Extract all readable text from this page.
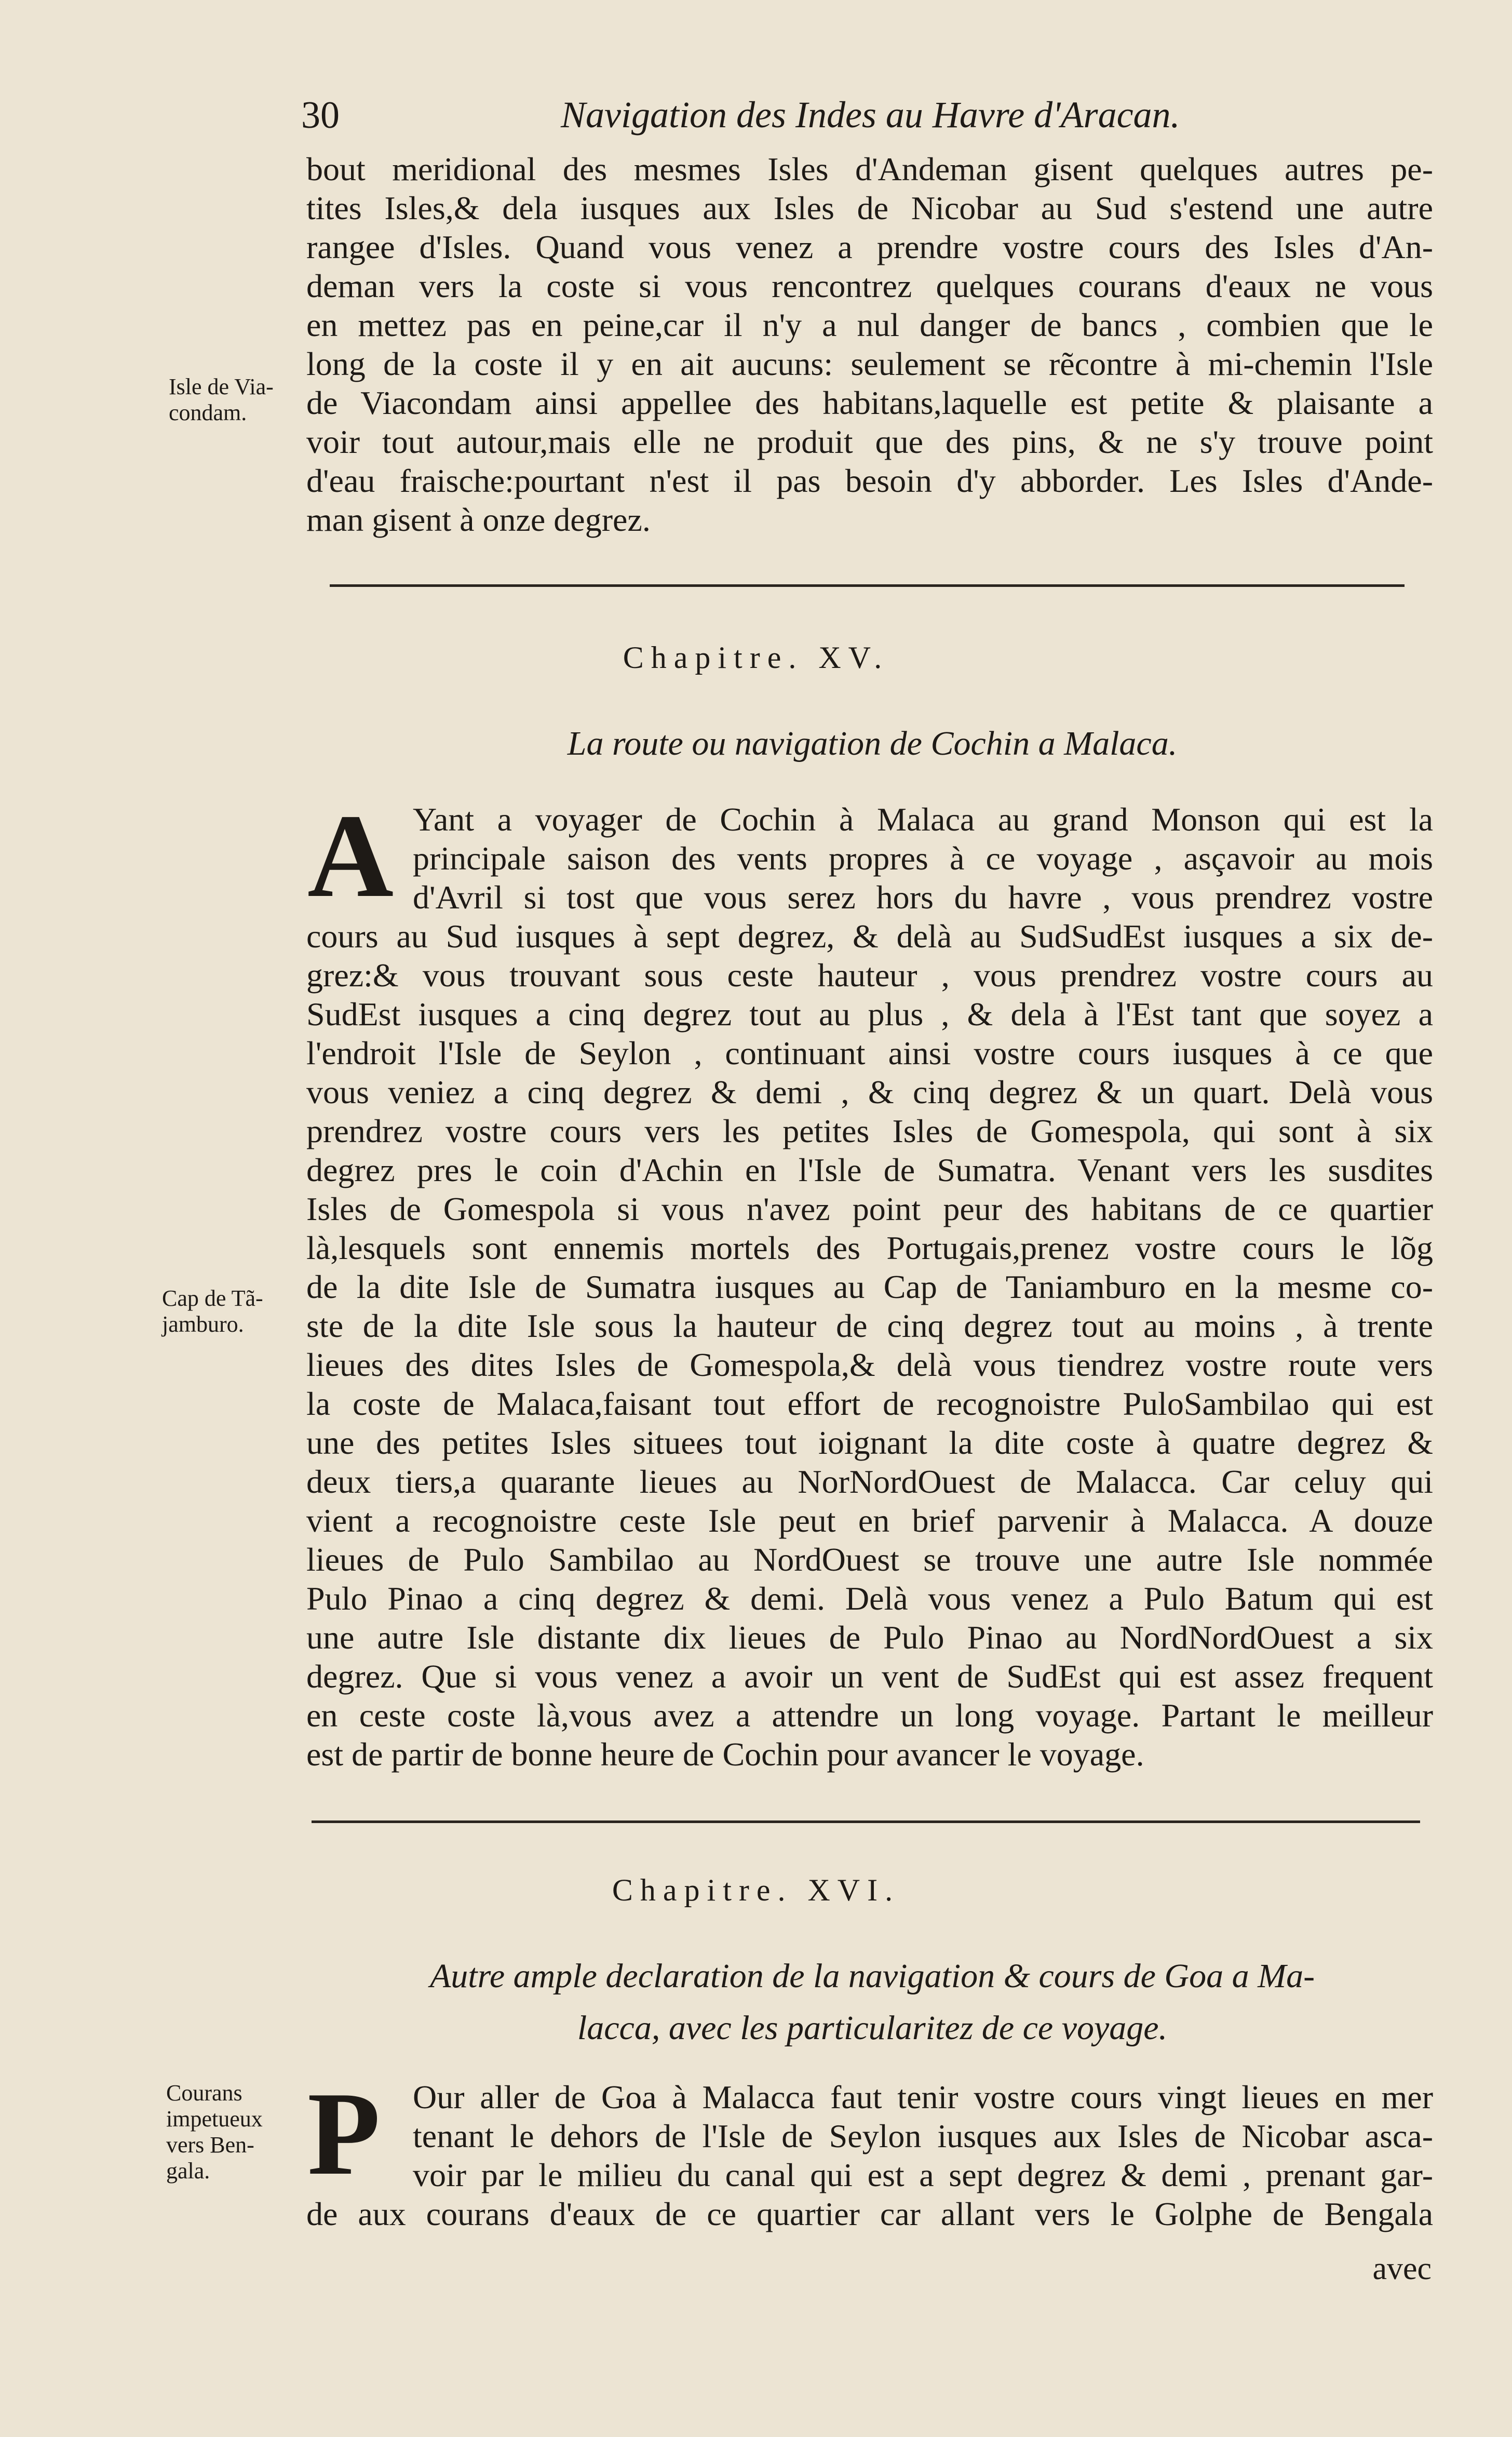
30	Navigation des Indes au Havre d'Aracan.
Isle de Via-
condam.
Cap de Tã-
jamburo.
Courans
impetueux
vers Ben-
gala.
bout meridional des mesmes Isles d'Andeman gisent quelques autres pe-
tites Isles,& dela iusques aux Isles de Nicobar au Sud s'estend une autre
rangee d'Isles. Quand vous venez a prendre vostre cours des Isles d'An-
deman vers la coste si vous rencontrez quelques courans d'eaux ne vous
en mettez pas en peine,car il n'y a nul danger de bancs , combien que le
long de la coste il y en ait aucuns: seulement se rẽcontre à mi-chemin l'Isle
de Viacondam ainsi appellee des habitans,laquelle est petite & plaisante a
voir tout autour,mais elle ne produit que des pins, & ne s'y trouve point
d'eau fraische:pourtant n'est il pas besoin d'y abborder. Les Isles d'Ande-
man gisent à onze degrez.
Chapitre. XV.
La route ou navigation de Cochin a Malaca.
A Yant a voyager de Cochin à Malaca au grand Monson qui est la
principale saison des vents propres à ce voyage , asçavoir au mois
d'Avril si tost que vous serez hors du havre , vous prendrez vostre
cours au Sud iusques à sept degrez, & delà au SudSudEst iusques a six de-
grez:& vous trouvant sous ceste hauteur , vous prendrez vostre cours au
SudEst iusques a cinq degrez tout au plus , & dela à l'Est tant que soyez a
l'endroit l'Isle de Seylon , continuant ainsi vostre cours iusques à ce que
vous veniez a cinq degrez & demi , & cinq degrez & un quart. Delà vous
prendrez vostre cours vers les petites Isles de Gomespola, qui sont à six
degrez pres le coin d'Achin en l'Isle de Sumatra. Venant vers les susdites
Isles de Gomespola si vous n'avez point peur des habitans de ce quartier
là,lesquels sont ennemis mortels des Portugais,prenez vostre cours le lõg
de la dite Isle de Sumatra iusques au Cap de Taniamburo en la mesme co-
ste de la dite Isle sous la hauteur de cinq degrez tout au moins , à trente
lieues des dites Isles de Gomespola,& delà vous tiendrez vostre route vers
la coste de Malaca,faisant tout effort de recognoistre PuloSambilao qui est
une des petites Isles situees tout ioignant la dite coste à quatre degrez &
deux tiers,a quarante lieues au NorNordOuest de Malacca. Car celuy qui
vient a recognoistre ceste Isle peut en brief parvenir à Malacca. A douze
lieues de Pulo Sambilao au NordOuest se trouve une autre Isle nommée
Pulo Pinao a cinq degrez & demi. Delà vous venez a Pulo Batum qui est
une autre Isle distante dix lieues de Pulo Pinao au NordNordOuest a six
degrez. Que si vous venez a avoir un vent de SudEst qui est assez frequent
en ceste coste là,vous avez a attendre un long voyage. Partant le meilleur
est de partir de bonne heure de Cochin pour avancer le voyage.
Chapitre. XVI.
Autre ample declaration de la navigation & cours de Goa a Ma-
lacca, avec les particularitez de ce voyage.
P Our aller de Goa à Malacca faut tenir vostre cours vingt lieues en mer
tenant le dehors de l'Isle de Seylon iusques aux Isles de Nicobar asca-
voir par le milieu du canal qui est a sept degrez & demi , prenant gar-
de aux courans d'eaux de ce quartier car allant vers le Golphe de Bengala
avec
